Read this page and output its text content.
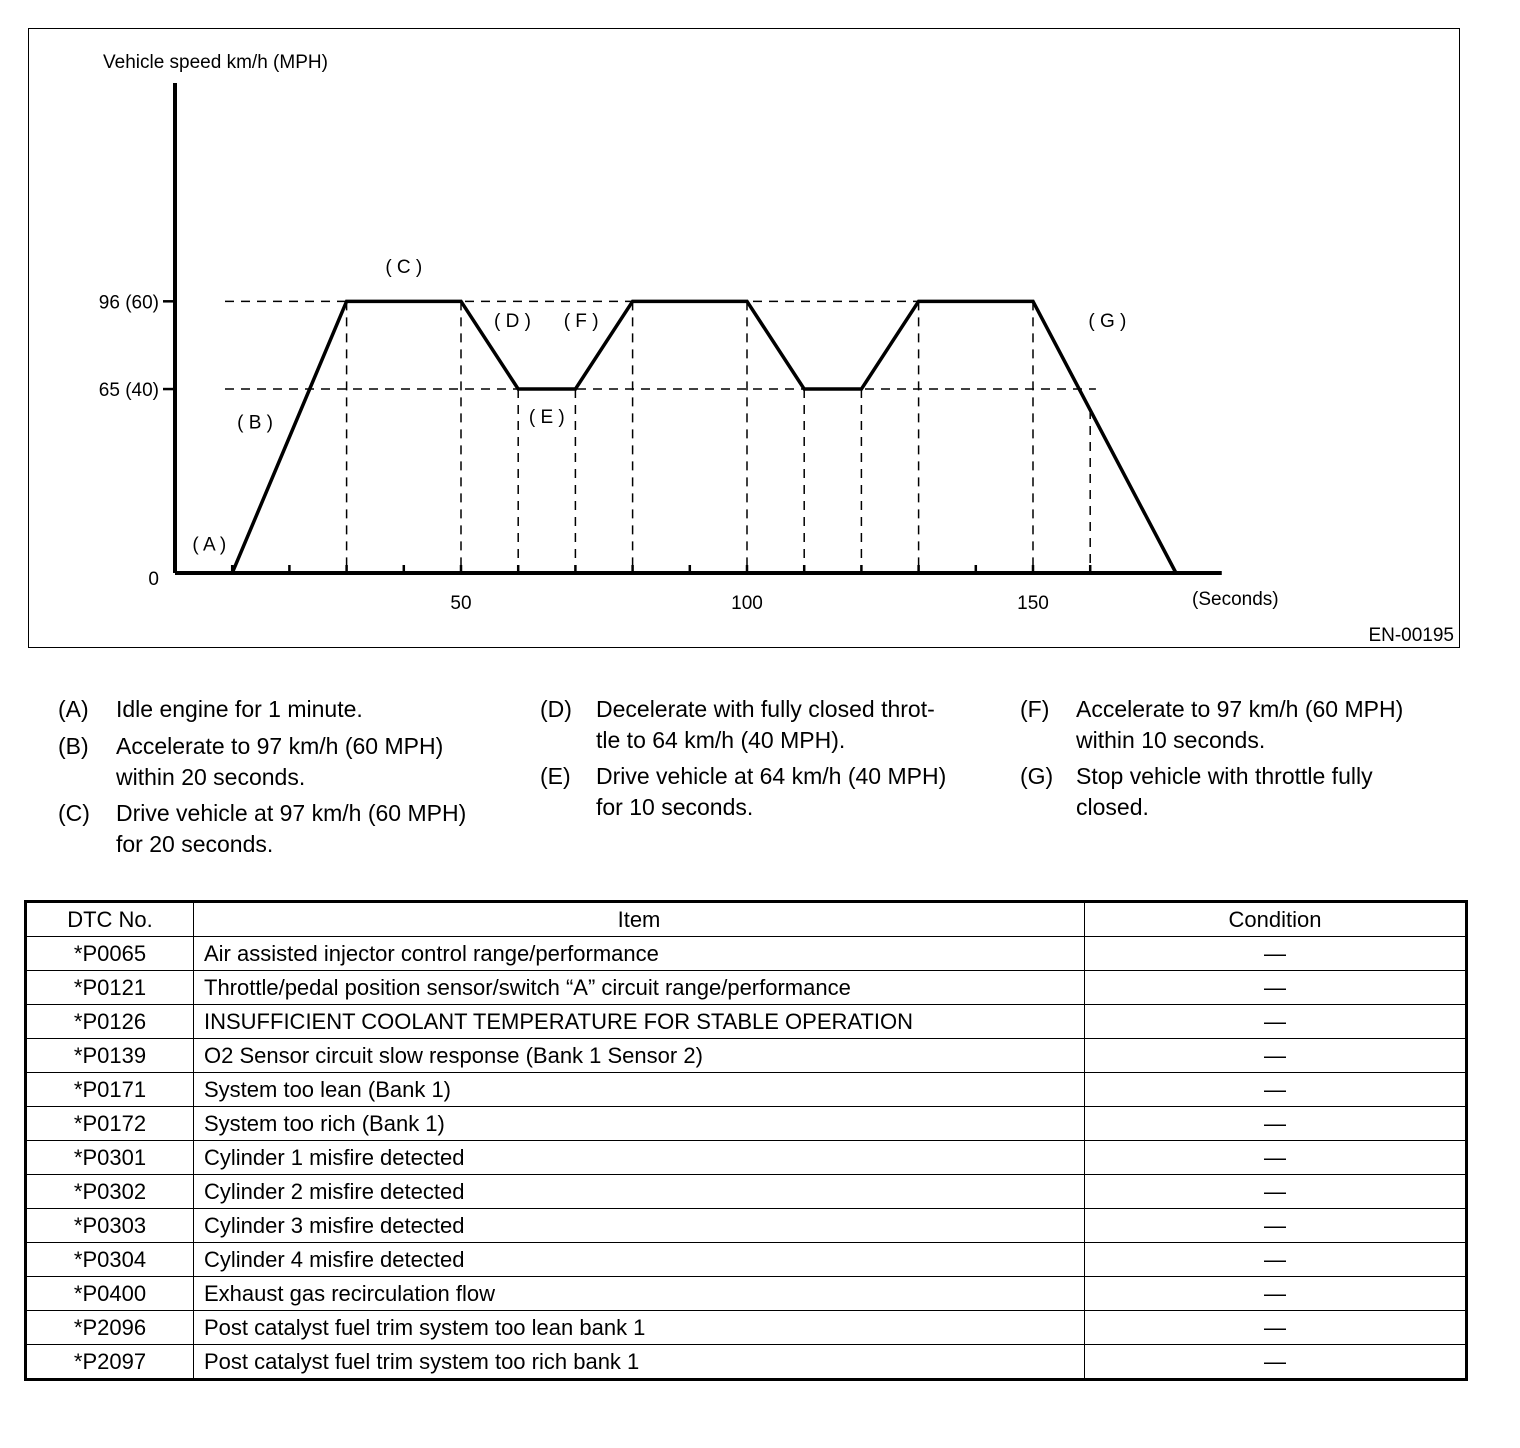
Vehicle speed km/h (MPH)
(Seconds)
EN-00195
50	100	150
0
65 (40)
96 (60)
( A )
( B )
( C )
( D )
( E )
( F )	( G )
(A) Idle engine for 1 minute.
(B) Accelerate to 97 km/h (60 MPH)
within 20 seconds.
(C) Drive vehicle at 97 km/h (60 MPH)
for 20 seconds.
(D) Decelerate with fully closed throt-
tle to 64 km/h (40 MPH).
(E) Drive vehicle at 64 km/h (40 MPH)
for 10 seconds.
(F) Accelerate to 97 km/h (60 MPH)
within 10 seconds.
(G) Stop vehicle with throttle fully
closed.
DTC No.	Item	Condition
*P0065	Air assisted injector control range/performance	—
*P0121	Throttle/pedal position sensor/switch “A” circuit range/performance	—
*P0126	INSUFFICIENT COOLANT TEMPERATURE FOR STABLE OPERATION	—
*P0139	O2 Sensor circuit slow response (Bank 1 Sensor 2)	—
*P0171	System too lean (Bank 1)	—
*P0172	System too rich (Bank 1)	—
*P0301	Cylinder 1 misfire detected	—
*P0302	Cylinder 2 misfire detected	—
*P0303	Cylinder 3 misfire detected	—
*P0304	Cylinder 4 misfire detected	—
*P0400	Exhaust gas recirculation flow	—
*P2096	Post catalyst fuel trim system too lean bank 1	—
*P2097	Post catalyst fuel trim system too rich bank 1	—
